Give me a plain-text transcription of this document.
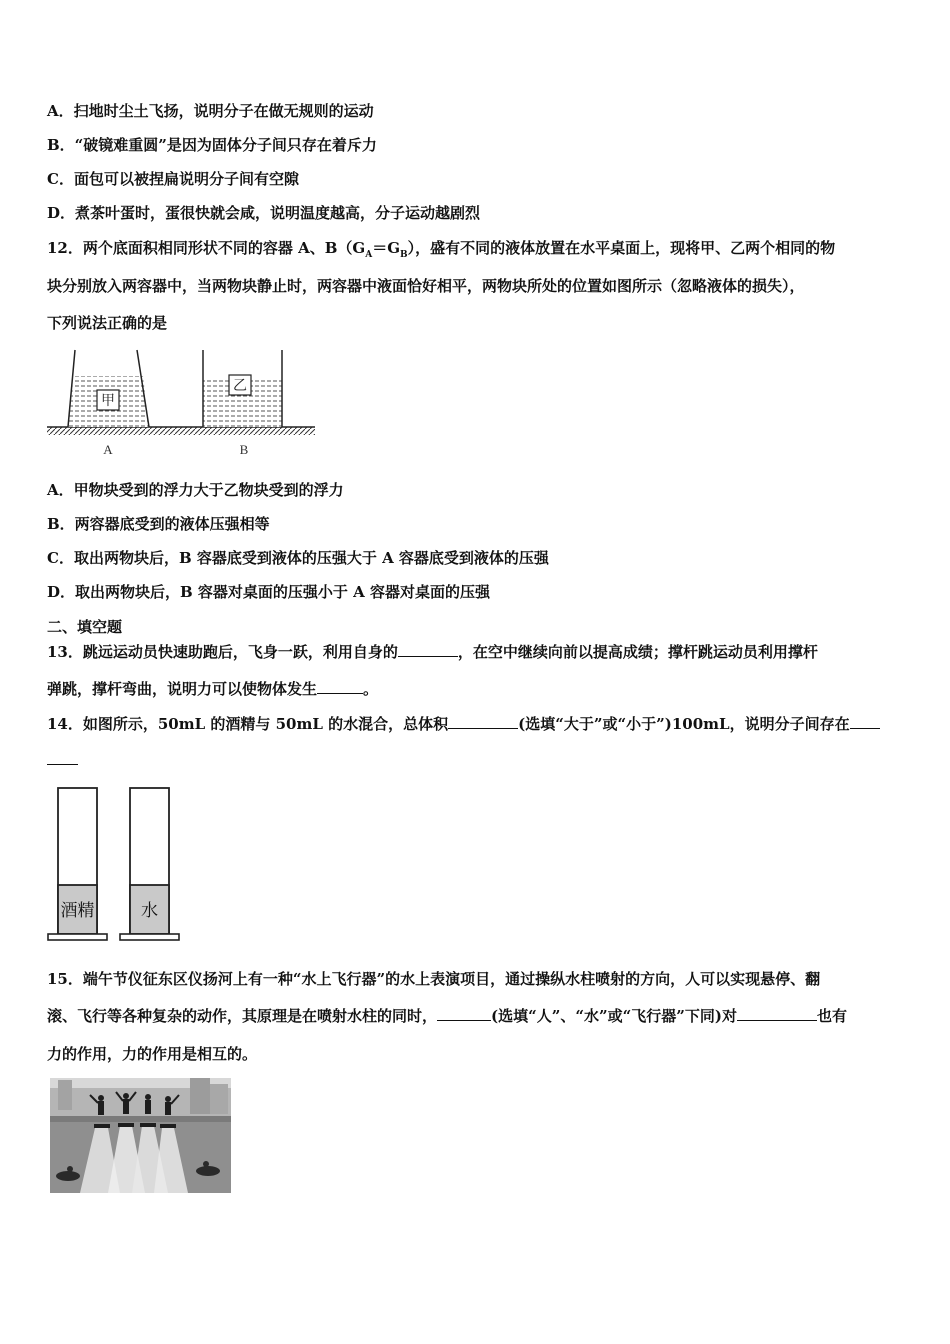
A．扫地时尘土飞扬，说明分子在做无规则的运动
B．“破镜难重圆”是因为固体分子间只存在着斥力
C．面包可以被捏扁说明分子间有空隙
D．煮茶叶蛋时，蛋很快就会咸，说明温度越高，分子运动越剧烈
12．两个底面积相同形状不同的容器 A、$B(G_A=G_B)$，盛有不同的液体放置在水平桌面上，现将甲、乙两个相同的物
块分别放入两容器中，当两物块静止时，两容器中液面恰好相平，两物块所处的位置如图所示（忽略液体的损失），
下列说法正确的是
甲
乙
A	B
A．甲物块受到的浮力大于乙物块受到的浮力
B．两容器底受到的液体压强相等
C．取出两物块后，B 容器底受到液体的压强大于 A 容器底受到液体的压强
D．取出两物块后，B 容器对桌面的压强小于 A 容器对桌面的压强
二、填空题
13．跳远运动员快速助跑后，飞身一跃，利用自身的	，在空中继续向前以提高成绩；撑杆跳运动员利用撑杆
弹跳，撑杆弯曲，说明力可以使物体发生	。
14．如图所示，50mL 的酒精与 50mL 的水混合，总体积	(选填“大于”或“小于”)100mL，说明分子间存在
酒精	水
15．端午节仪征东区仪扬河上有一种“水上飞行器”的水上表演项目，通过操纵水柱喷射的方向，人可以实现悬停、翻
滚、飞行等各种复杂的动作，其原理是在喷射水柱的同时，	(选填“人”、“水”或“飞行器”下同)对	也有
力的作用，力的作用是相互的。
